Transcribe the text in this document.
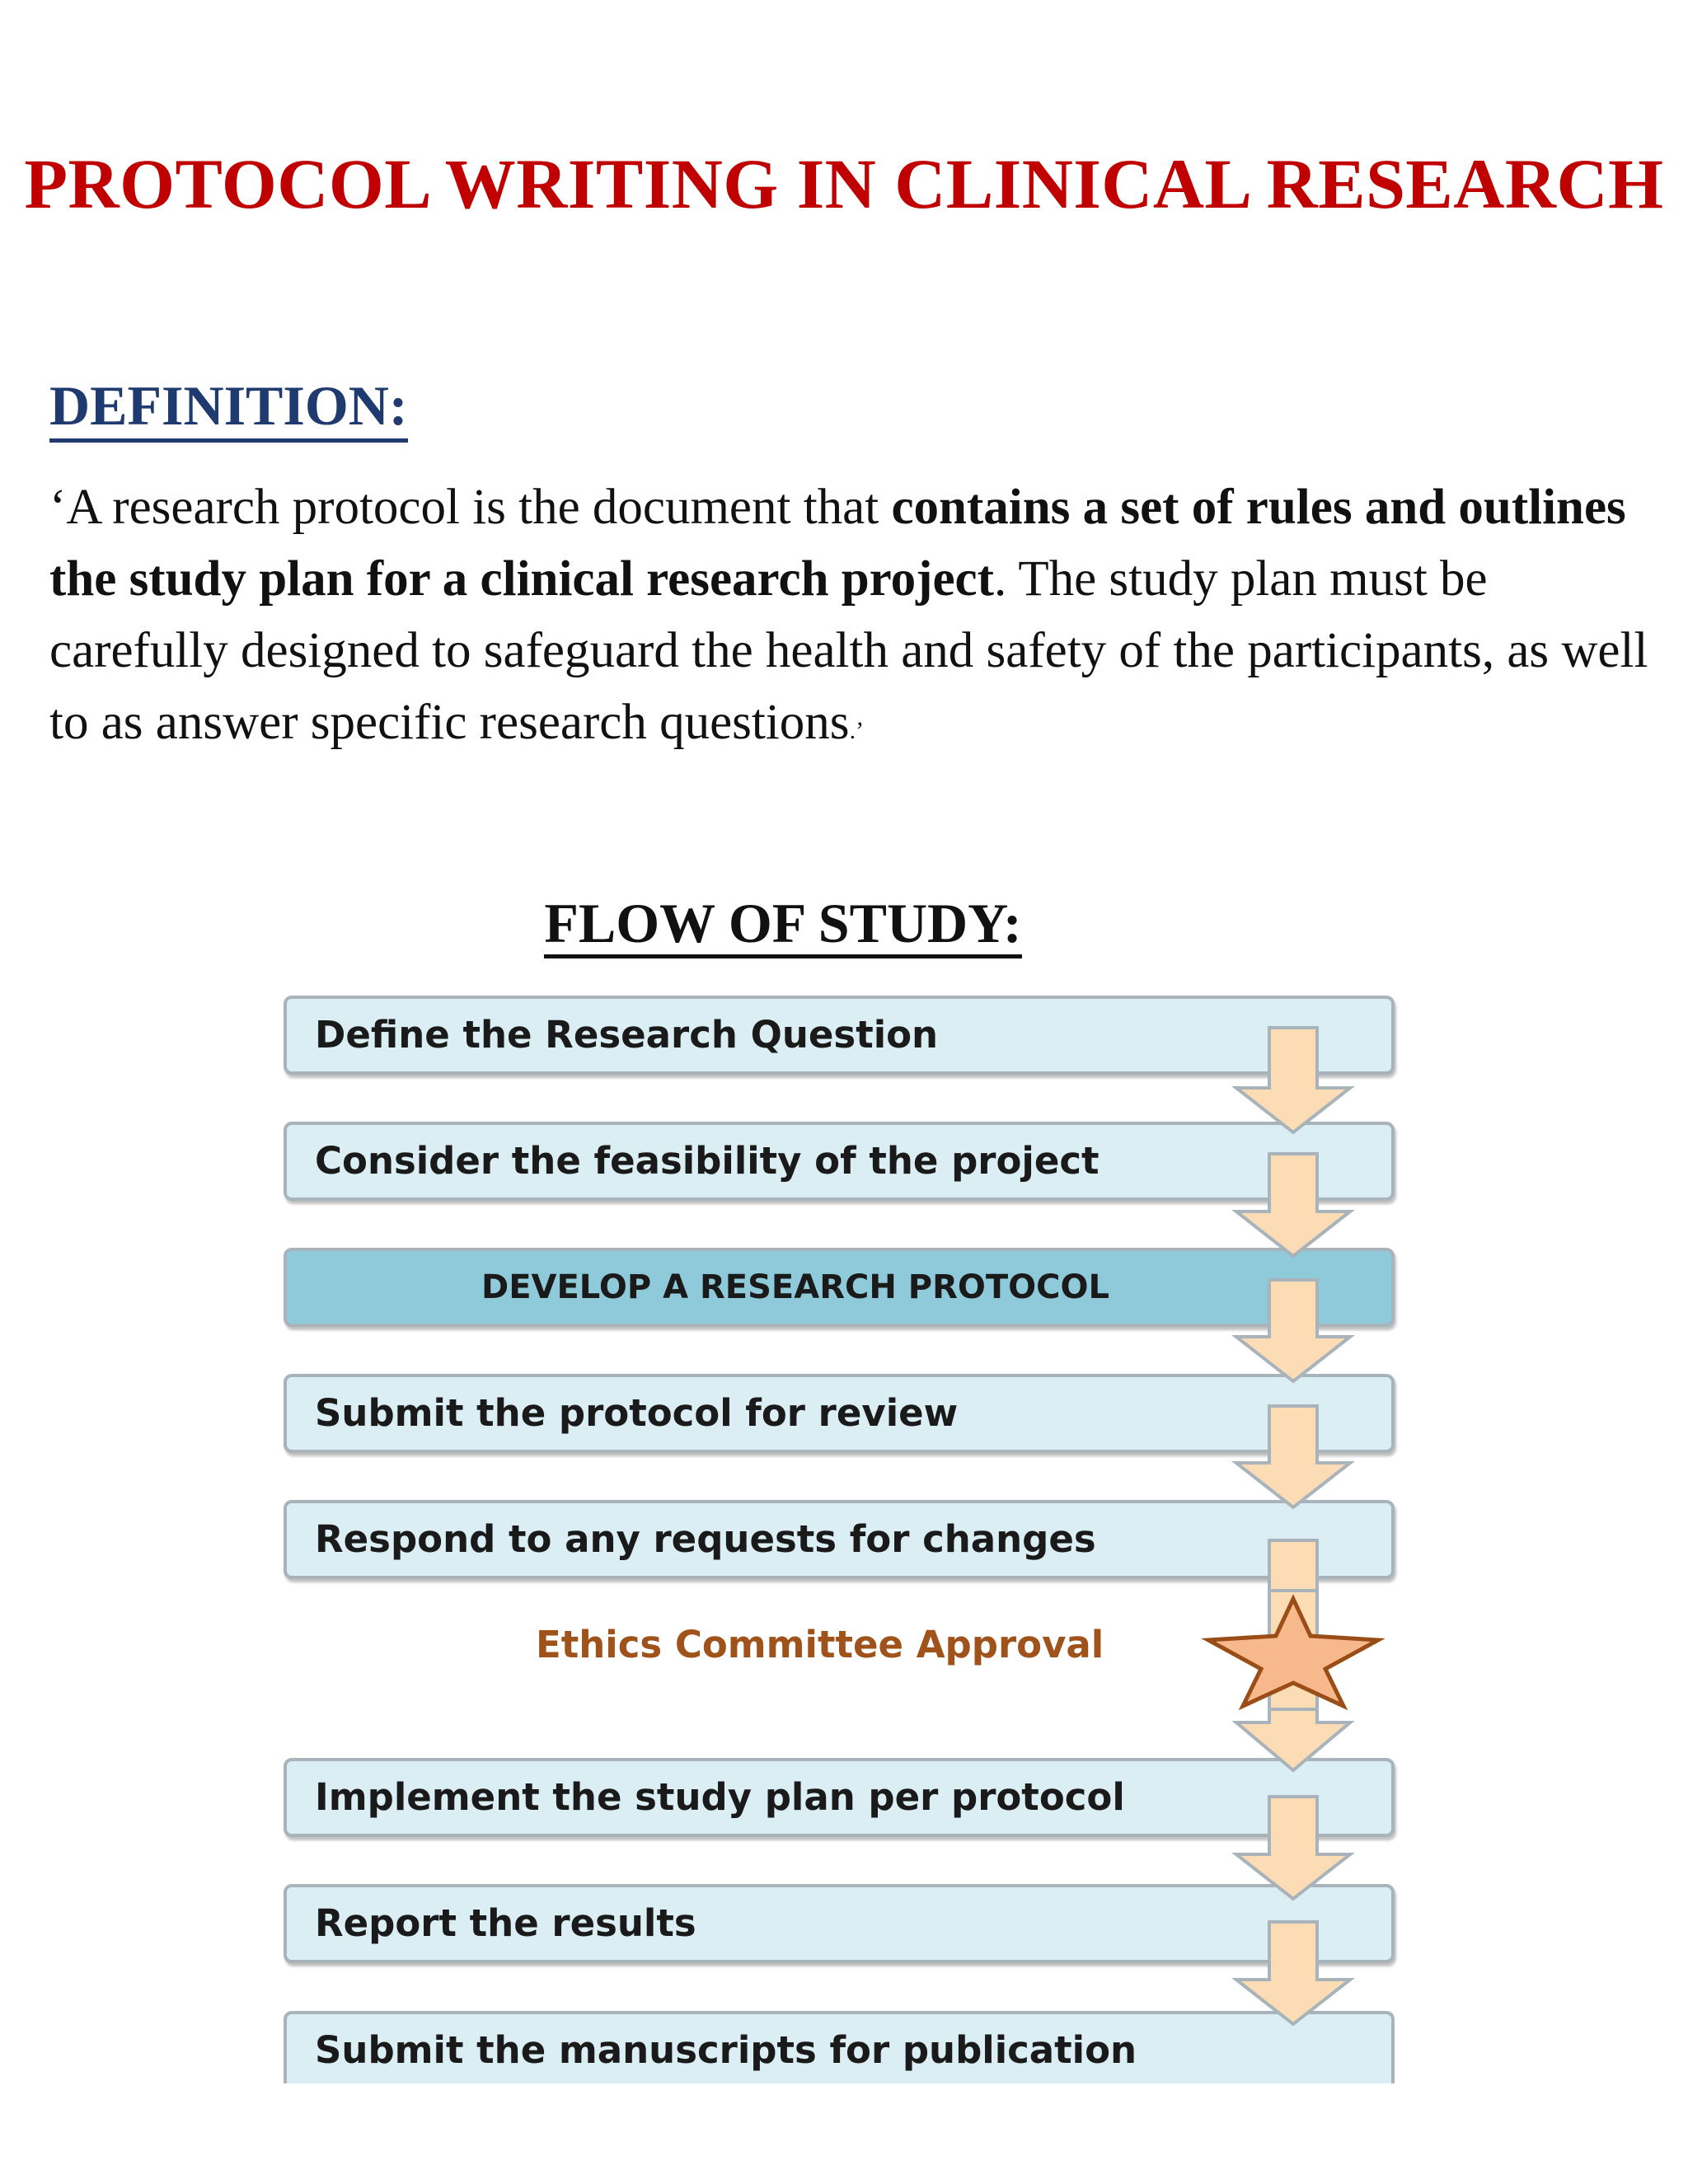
PROTOCOL WRITING IN CLINICAL RESEARCH
DEFINITION:

‘A research protocol is the document that contains a set of rules and outlines the study plan for a clinical research project. The study plan must be carefully designed to safeguard the health and safety of the participants, as well to as answer specific research questions.’

FLOW OF STUDY:
Define the Research Question
Consider the feasibility of the project
DEVELOP A RESEARCH PROTOCOL
Submit the protocol for review
Respond to any requests for changes

Ethics Committee Approval

Implement the study plan per protocol
Report the results
Submit the manuscripts for publication
